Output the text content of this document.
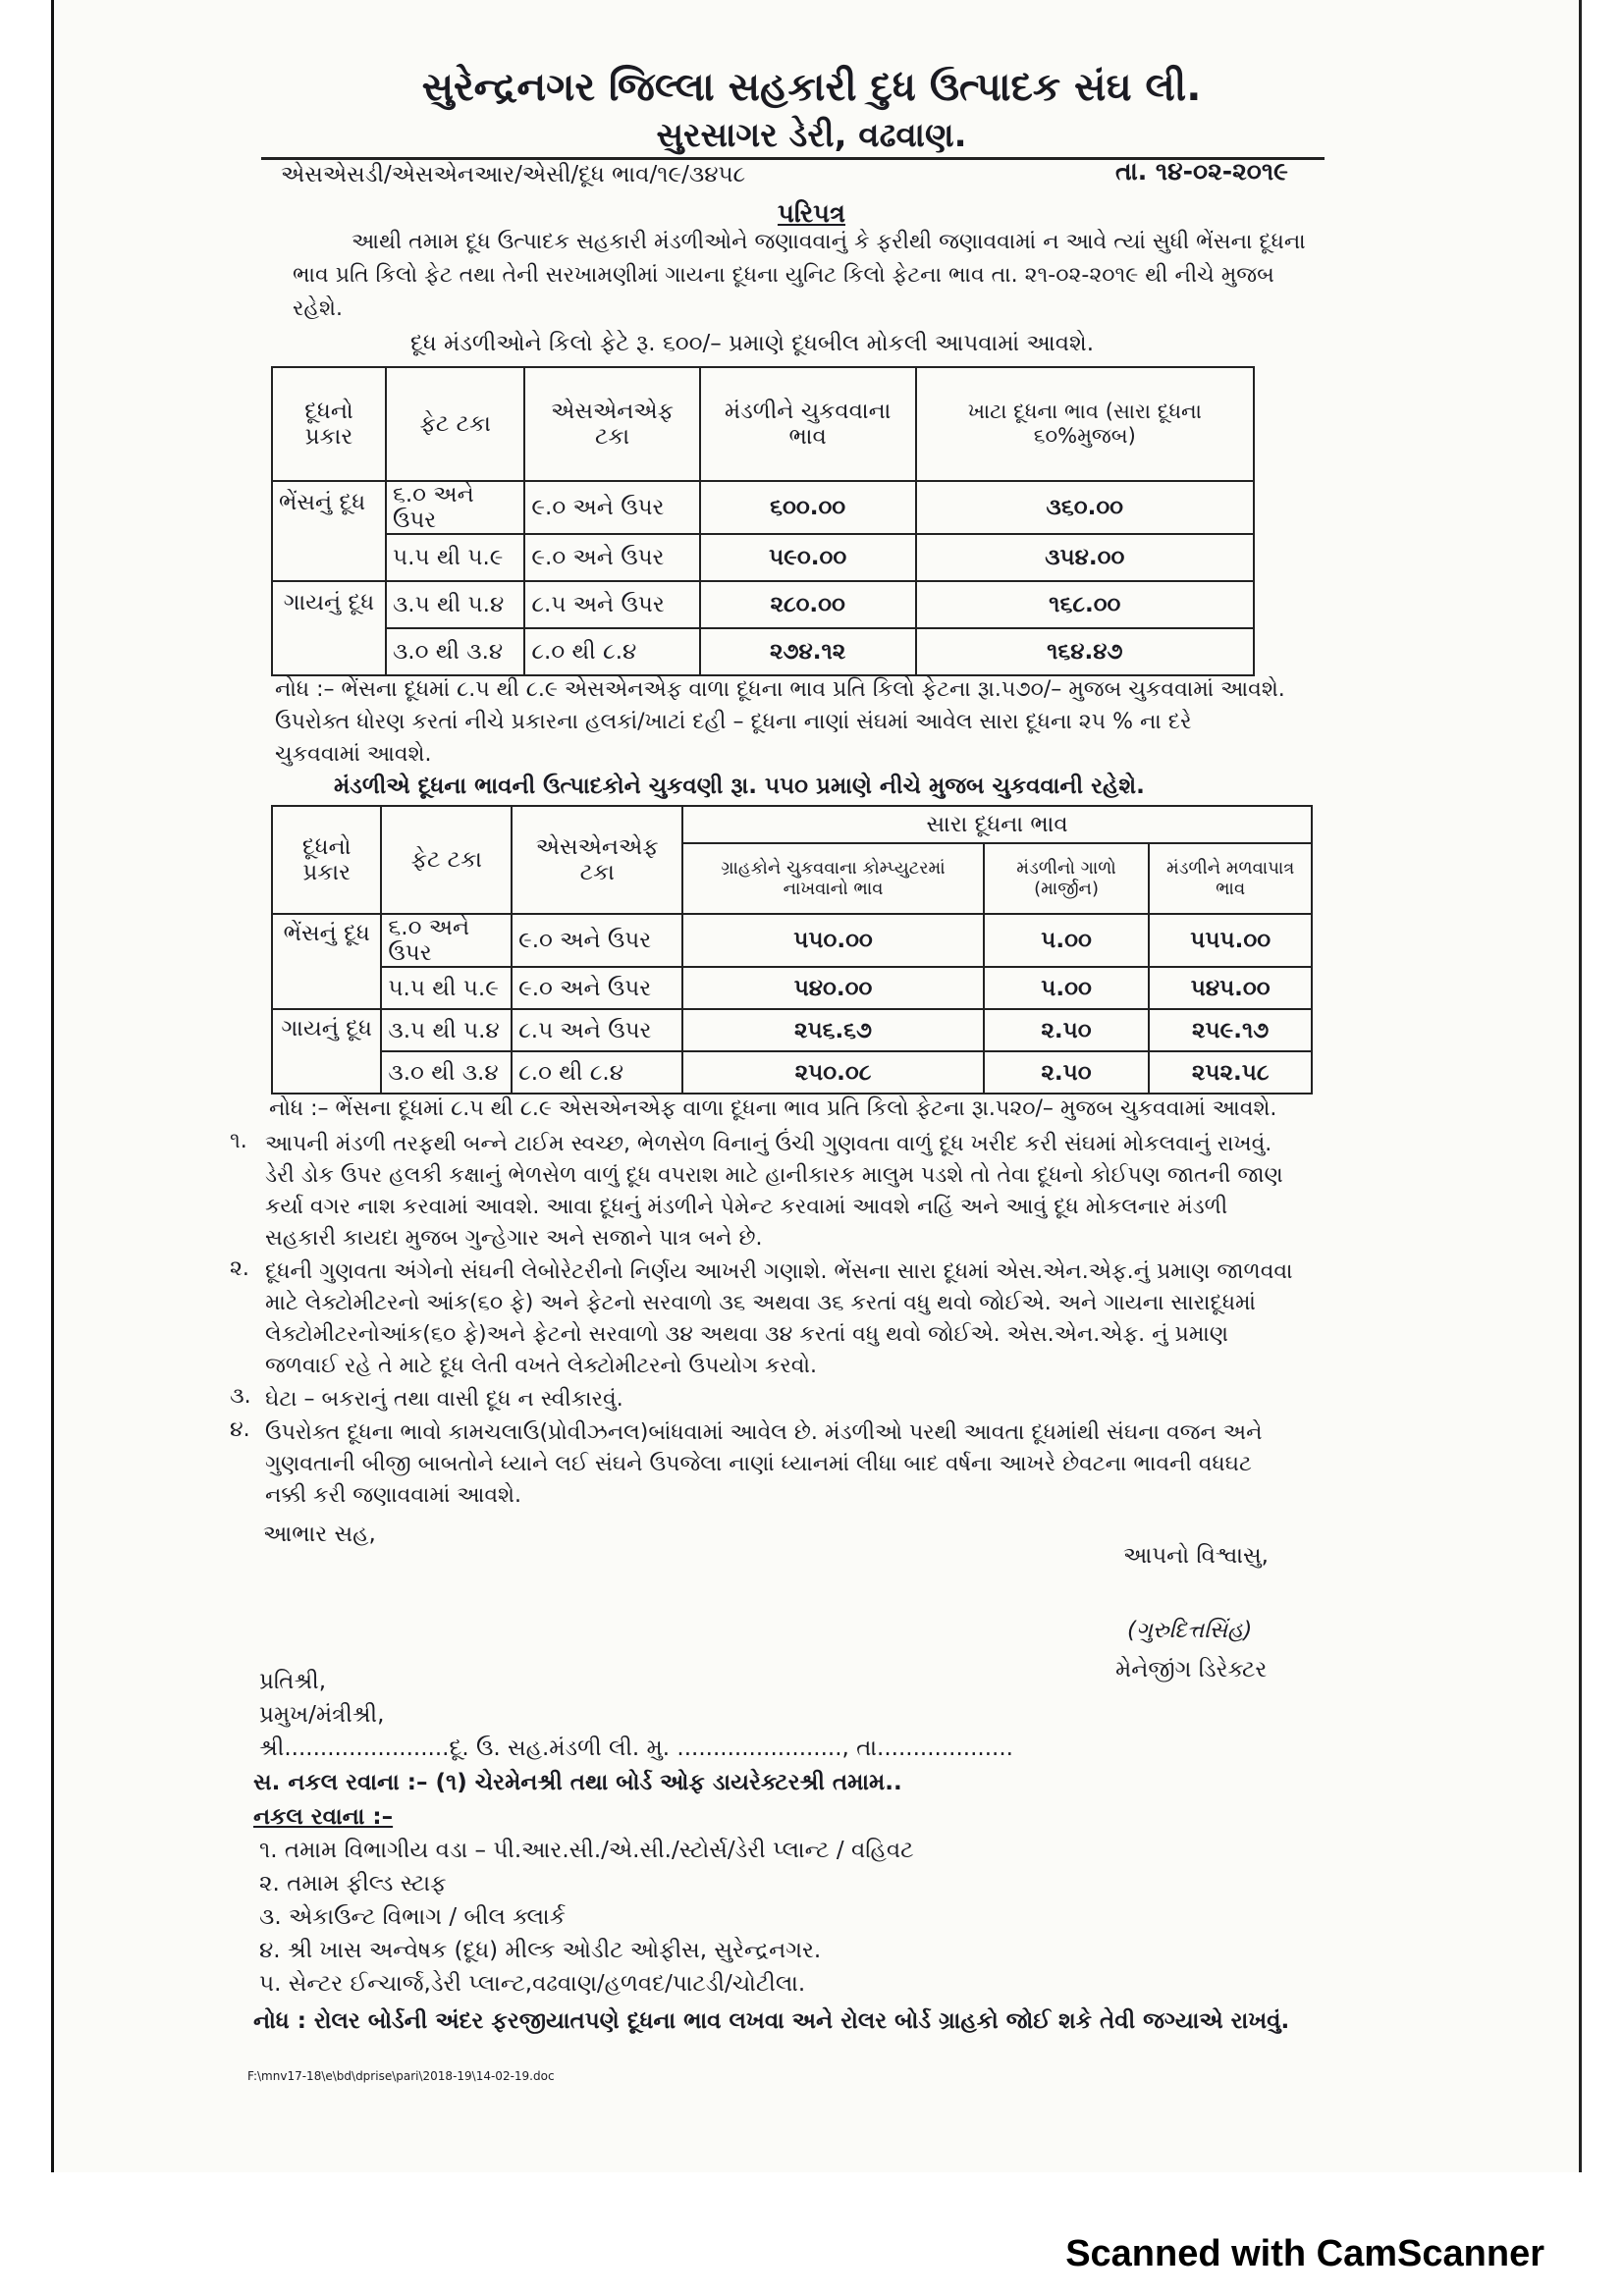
સુરેન્દ્રનગર જિલ્લા સહકારી દુધ ઉત્પાદક સંઘ લી.
સુરસાગર ડેરી, વઢવાણ.
એસએસડી/એસએનઆર/એસી/દૂધ ભાવ/૧૯/૩૪૫૮	તા. ૧૪-૦૨-૨૦૧૯
પરિપત્ર
આથી તમામ દૂધ ઉત્પાદક સહકારી મંડળીઓને જણાવવાનું કે ફરીથી જણાવવામાં ન આવે ત્યાં સુધી ભેંસના દૂધના ભાવ પ્રતિ કિલો ફેટ તથા તેની સરખામણીમાં ગાયના દૂધના યુનિટ કિલો ફેટના ભાવ તા. ૨૧-૦૨-૨૦૧૯ થી નીચે મુજબ રહેશે.
દૂધ મંડળીઓને કિલો ફેટે રૂ. ૬૦૦/– પ્રમાણે દૂધબીલ મોકલી આપવામાં આવશે.
દૂધનો પ્રકાર	ફેટ ટકા	એસએનએફ ટકા	મંડળીને ચુકવવાના ભાવ	ખાટા દૂધના ભાવ (સારા દૂધના ૬૦%મુજબ)
ભેંસનું દૂધ	૬.૦ અને ઉપર	૯.૦ અને ઉપર	૬૦૦.૦૦	૩૬૦.૦૦
	૫.૫ થી ૫.૯	૯.૦ અને ઉપર	૫૯૦.૦૦	૩૫૪.૦૦
ગાયનું દૂધ	૩.૫ થી ૫.૪	૮.૫ અને ઉપર	૨૮૦.૦૦	૧૬૮.૦૦
	૩.૦ થી ૩.૪	૮.૦ થી ૮.૪	૨૭૪.૧૨	૧૬૪.૪૭
નોધ :– ભેંસના દૂધમાં ૮.૫ થી ૮.૯ એસએનએફ વાળા દૂધના ભાવ પ્રતિ કિલો ફેટના રૂા.૫૭૦/– મુજબ ચુકવવામાં આવશે.
ઉપરોક્ત ધોરણ કરતાં નીચે પ્રકારના હલકાં/ખાટાં દહી – દૂધના નાણાં સંઘમાં આવેલ સારા દૂધના ૨૫ % ના દરે
ચુકવવામાં આવશે.
મંડળીએ દૂધના ભાવની ઉત્પાદકોને ચુકવણી રૂા. ૫૫૦ પ્રમાણે નીચે મુજબ ચુકવવાની રહેશે.
દૂધનો પ્રકાર	ફેટ ટકા	એસએનએફ ટકા	સારા દૂધના ભાવ		
			ગ્રાહકોને ચુકવવાના કોમ્પ્યુટરમાં નાખવાનો ભાવ	મંડળીનો ગાળો (માર્જીન)	મંડળીને મળવાપાત્ર ભાવ
ભેંસનું દૂધ	૬.૦ અને ઉપર	૯.૦ અને ઉપર	૫૫૦.૦૦	૫.૦૦	૫૫૫.૦૦
	૫.૫ થી ૫.૯	૯.૦ અને ઉપર	૫૪૦.૦૦	૫.૦૦	૫૪૫.૦૦
ગાયનું દૂધ	૩.૫ થી ૫.૪	૮.૫ અને ઉપર	૨૫૬.૬૭	૨.૫૦	૨૫૯.૧૭
	૩.૦ થી ૩.૪	૮.૦ થી ૮.૪	૨૫૦.૦૮	૨.૫૦	૨૫૨.૫૮
નોધ :– ભેંસના દૂધમાં ૮.૫ થી ૮.૯ એસએનએફ વાળા દૂધના ભાવ પ્રતિ કિલો ફેટના રૂા.૫૨૦/– મુજબ ચુકવવામાં આવશે.
૧. આપની મંડળી તરફથી બન્ને ટાઈમ સ્વચ્છ, ભેળસેળ વિનાનું ઉંચી ગુણવતા વાળું દૂધ ખરીદ કરી સંઘમાં મોકલવાનું રાખવું. ડેરી ડોક ઉપર હલકી કક્ષાનું ભેળસેળ વાળું દૂધ વપરાશ માટે હાનીકારક માલુમ પડશે તો તેવા દૂધનો કોઈપણ જાતની જાણ કર્યા વગર નાશ કરવામાં આવશે. આવા દૂધનું મંડળીને પેમેન્ટ કરવામાં આવશે નહિં અને આવું દૂધ મોકલનાર મંડળી સહકારી કાયદા મુજબ ગુન્હેગાર અને સજાને પાત્ર બને છે.
૨. દૂધની ગુણવતા અંગેનો સંઘની લેબોરેટરીનો નિર્ણય આખરી ગણાશે. ભેંસના સારા દૂધમાં એસ.એન.એફ.નું પ્રમાણ જાળવવા માટે લેક્ટોમીટરનો આંક(૬૦ ફે) અને ફેટનો સરવાળો ૩૬ અથવા ૩૬ કરતાં વધુ થવો જોઈએ. અને ગાયના સારાદૂધમાં લેક્ટોમીટરનોઆંક(૬૦ ફે)અને ફેટનો સરવાળો ૩૪ અથવા ૩૪ કરતાં વધુ થવો જોઈએ. એસ.એન.એફ. નું પ્રમાણ જળવાઈ રહે તે માટે દૂધ લેતી વખતે લેક્ટોમીટરનો ઉપયોગ કરવો.
૩. ઘેટા – બકરાનું તથા વાસી દૂધ ન સ્વીકારવું.
૪. ઉપરોક્ત દૂધના ભાવો કામચલાઉ(પ્રોવીઝનલ)બાંધવામાં આવેલ છે. મંડળીઓ પરથી આવતા દૂધમાંથી સંઘના વજન અને ગુણવતાની બીજી બાબતોને ધ્યાને લઈ સંઘને ઉપજેલા નાણાં ધ્યાનમાં લીધા બાદ વર્ષના આખરે છેવટના ભાવની વધઘટ નક્કી કરી જણાવવામાં આવશે.
આભાર સહ,
આપનો વિશ્વાસુ,
(ગુરુદિત્તસિંહ)
મેનેજીંગ ડિરેક્ટર
પ્રતિશ્રી,
પ્રમુખ/મંત્રીશ્રી,
શ્રી.......................દૂ. ઉ. સહ.મંડળી લી. મુ. ......................., તા...................
સ. નકલ રવાના :– (૧) ચેરમેનશ્રી તથા બોર્ડ ઓફ ડાયરેક્ટરશ્રી તમામ..
નકલ રવાના :–
૧. તમામ વિભાગીય વડા – પી.આર.સી./એ.સી./સ્ટોર્સ/ડેરી પ્લાન્ટ / વહિવટ
૨. તમામ ફીલ્ડ સ્ટાફ
૩. એકાઉન્ટ વિભાગ / બીલ ક્લાર્ક
૪. શ્રી ખાસ અન્વેષક (દૂધ) મીલ્ક ઓડીટ ઓફીસ, સુરેન્દ્રનગર.
૫. સેન્ટર ઈન્ચાર્જ,ડેરી પ્લાન્ટ,વઢવાણ/હળવદ/પાટડી/ચોટીલા.
નોધ : રોલર બોર્ડની અંદર ફરજીયાતપણે દૂધના ભાવ લખવા અને રોલર બોર્ડ ગ્રાહકો જોઈ શકે તેવી જગ્યાએ રાખવું.
F:\mnv17-18\e\bd\dprise\pari\2018-19\14-02-19.doc
Scanned with CamScanner
